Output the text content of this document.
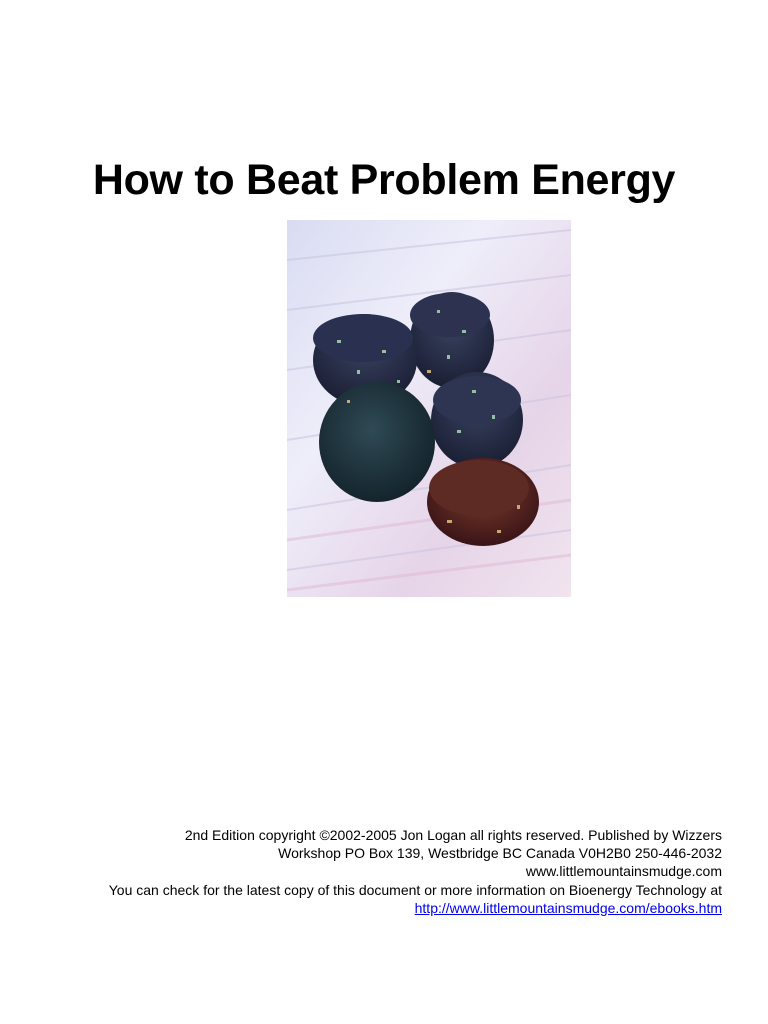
How to Beat Problem Energy
2nd Edition copyright ©2002-2005 Jon Logan all rights reserved. Published by Wizzers
Workshop PO Box 139, Westbridge BC Canada V0H2B0 250-446-2032
www.littlemountainsmudge.com
You can check for the latest copy of this document or more information on Bioenergy Technology at
http://www.littlemountainsmudge.com/ebooks.htm
